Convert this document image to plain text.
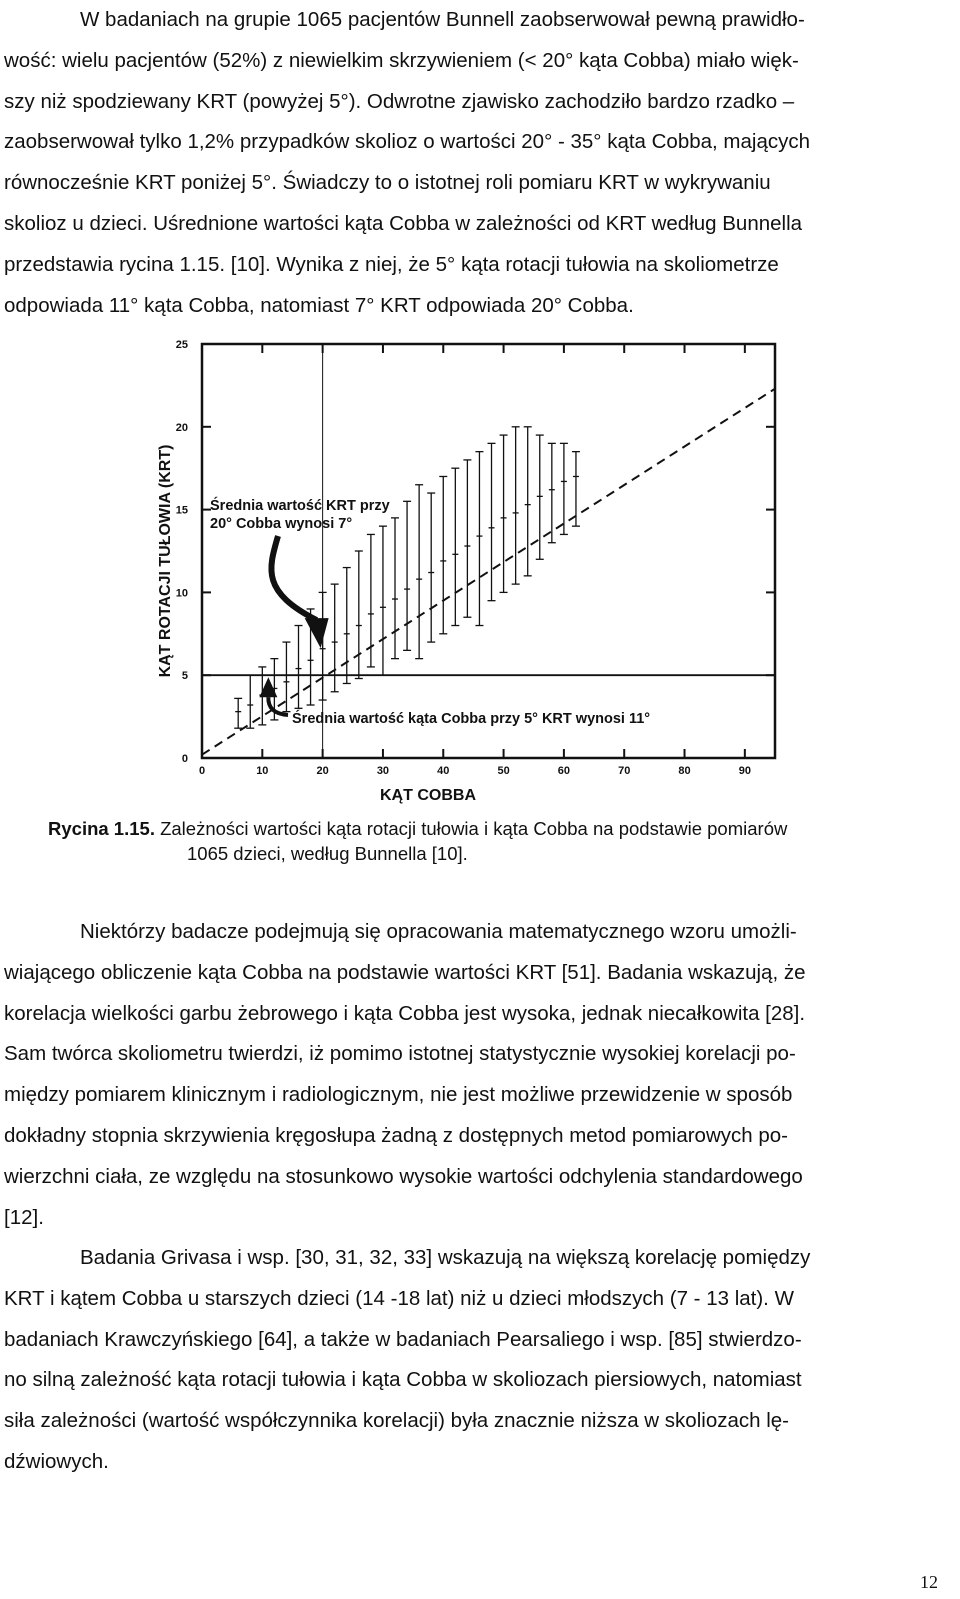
W badaniach na grupie 1065 pacjentów Bunnell zaobserwował pewną prawidło-
wość: wielu pacjentów (52%) z niewielkim skrzywieniem (< 20° kąta Cobba) miało więk-
szy niż spodziewany KRT (powyżej 5°). Odwrotne zjawisko zachodziło bardzo rzadko –
zaobserwował tylko 1,2% przypadków skolioz o wartości 20° - 35° kąta Cobba, mających
równocześnie KRT poniżej 5°. Świadczy to o istotnej roli pomiaru KRT w wykrywaniu
skolioz u dzieci. Uśrednione wartości kąta Cobba w zależności od KRT według Bunnella
przedstawia rycina 1.15. [10]. Wynika z niej, że 5° kąta rotacji tułowia na skoliometrze
odpowiada 11° kąta Cobba, natomiast 7° KRT odpowiada 20° Cobba.
0	10	20	30	40	50	60	70	80	90
0
5
10
15
20
25
KĄT COBBA
KĄT ROTACJI TUŁOWIA (KRT) Średnia wartość KRT przy
20° Cobba wynosi 7°
Średnia wartość kąta Cobba przy 5° KRT wynosi 11°
Rycina 1.15. Zależności wartości kąta rotacji tułowia i kąta Cobba na podstawie pomiarów
1065 dzieci, według Bunnella [10].
Niektórzy badacze podejmują się opracowania matematycznego wzoru umożli-
wiającego obliczenie kąta Cobba na podstawie wartości KRT [51]. Badania wskazują, że
korelacja wielkości garbu żebrowego i kąta Cobba jest wysoka, jednak niecałkowita [28].
Sam twórca skoliometru twierdzi, iż pomimo istotnej statystycznie wysokiej korelacji po-
między pomiarem klinicznym i radiologicznym, nie jest możliwe przewidzenie w sposób
dokładny stopnia skrzywienia kręgosłupa żadną z dostępnych metod pomiarowych po-
wierzchni ciała, ze względu na stosunkowo wysokie wartości odchylenia standardowego
[12].
Badania Grivasa i wsp. [30, 31, 32, 33] wskazują na większą korelację pomiędzy
KRT i kątem Cobba u starszych dzieci (14 -18 lat) niż u dzieci młodszych (7 - 13 lat). W
badaniach Krawczyńskiego [64], a także w badaniach Pearsaliego i wsp. [85] stwierdzo-
no silną zależność kąta rotacji tułowia i kąta Cobba w skoliozach piersiowych, natomiast
siła zależności (wartość współczynnika korelacji) była znacznie niższa w skoliozach lę-
dźwiowych.
12
